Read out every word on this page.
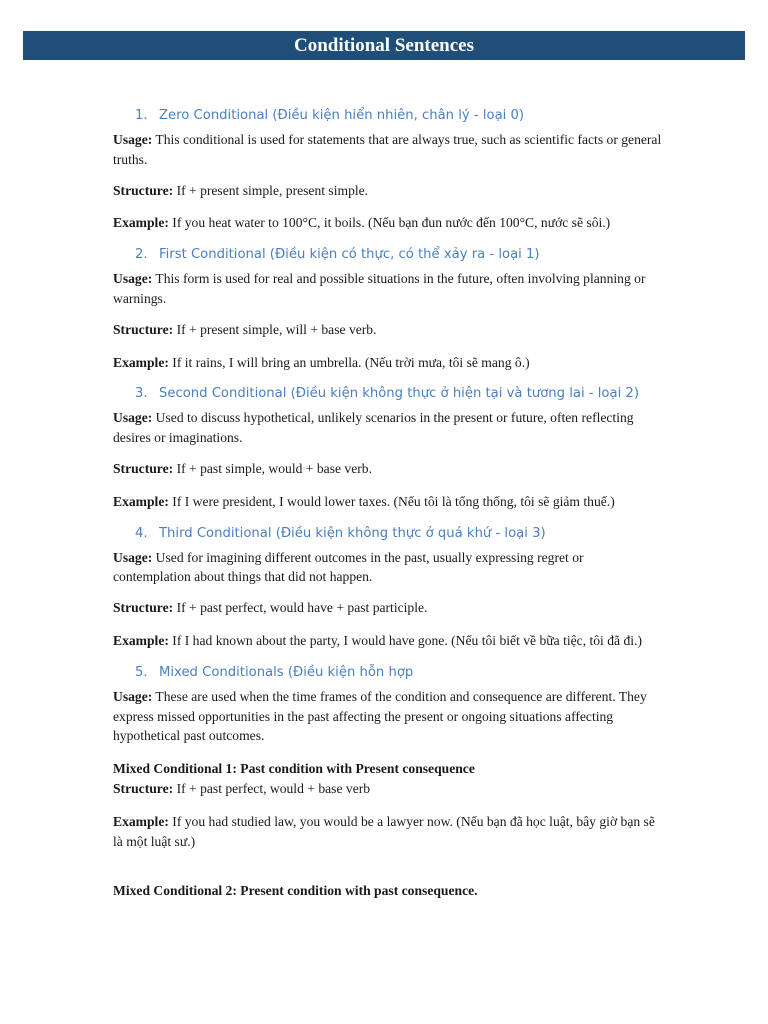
Conditional Sentences
1. Zero Conditional (Điều kiện hiển nhiên, chân lý - loại 0)

Usage: This conditional is used for statements that are always true, such as scientific facts or general truths.

Structure: If + present simple, present simple.

Example: If you heat water to 100°C, it boils. (Nếu bạn đun nước đến 100°C, nước sẽ sôi.)

2. First Conditional (Điều kiện có thực, có thể xảy ra - loại 1)

Usage: This form is used for real and possible situations in the future, often involving planning or warnings.

Structure: If + present simple, will + base verb.

Example: If it rains, I will bring an umbrella. (Nếu trời mưa, tôi sẽ mang ô.)

3. Second Conditional (Điều kiện không thực ở hiện tại và tương lai - loại 2)

Usage: Used to discuss hypothetical, unlikely scenarios in the present or future, often reflecting desires or imaginations.

Structure: If + past simple, would + base verb.

Example: If I were president, I would lower taxes. (Nếu tôi là tổng thống, tôi sẽ giảm thuế.)

4. Third Conditional (Điều kiện không thực ở quá khứ - loại 3)

Usage: Used for imagining different outcomes in the past, usually expressing regret or contemplation about things that did not happen.

Structure: If + past perfect, would have + past participle.

Example: If I had known about the party, I would have gone. (Nếu tôi biết về bữa tiệc, tôi đã đi.)

5. Mixed Conditionals (Điều kiện hỗn hợp

Usage: These are used when the time frames of the condition and consequence are different. They express missed opportunities in the past affecting the present or ongoing situations affecting hypothetical past outcomes.

Mixed Conditional 1: Past condition with Present consequence

Structure: If + past perfect, would + base verb

Example: If you had studied law, you would be a lawyer now. (Nếu bạn đã học luật, bây giờ bạn sẽ là một luật sư.)

Mixed Conditional 2: Present condition with past consequence.
